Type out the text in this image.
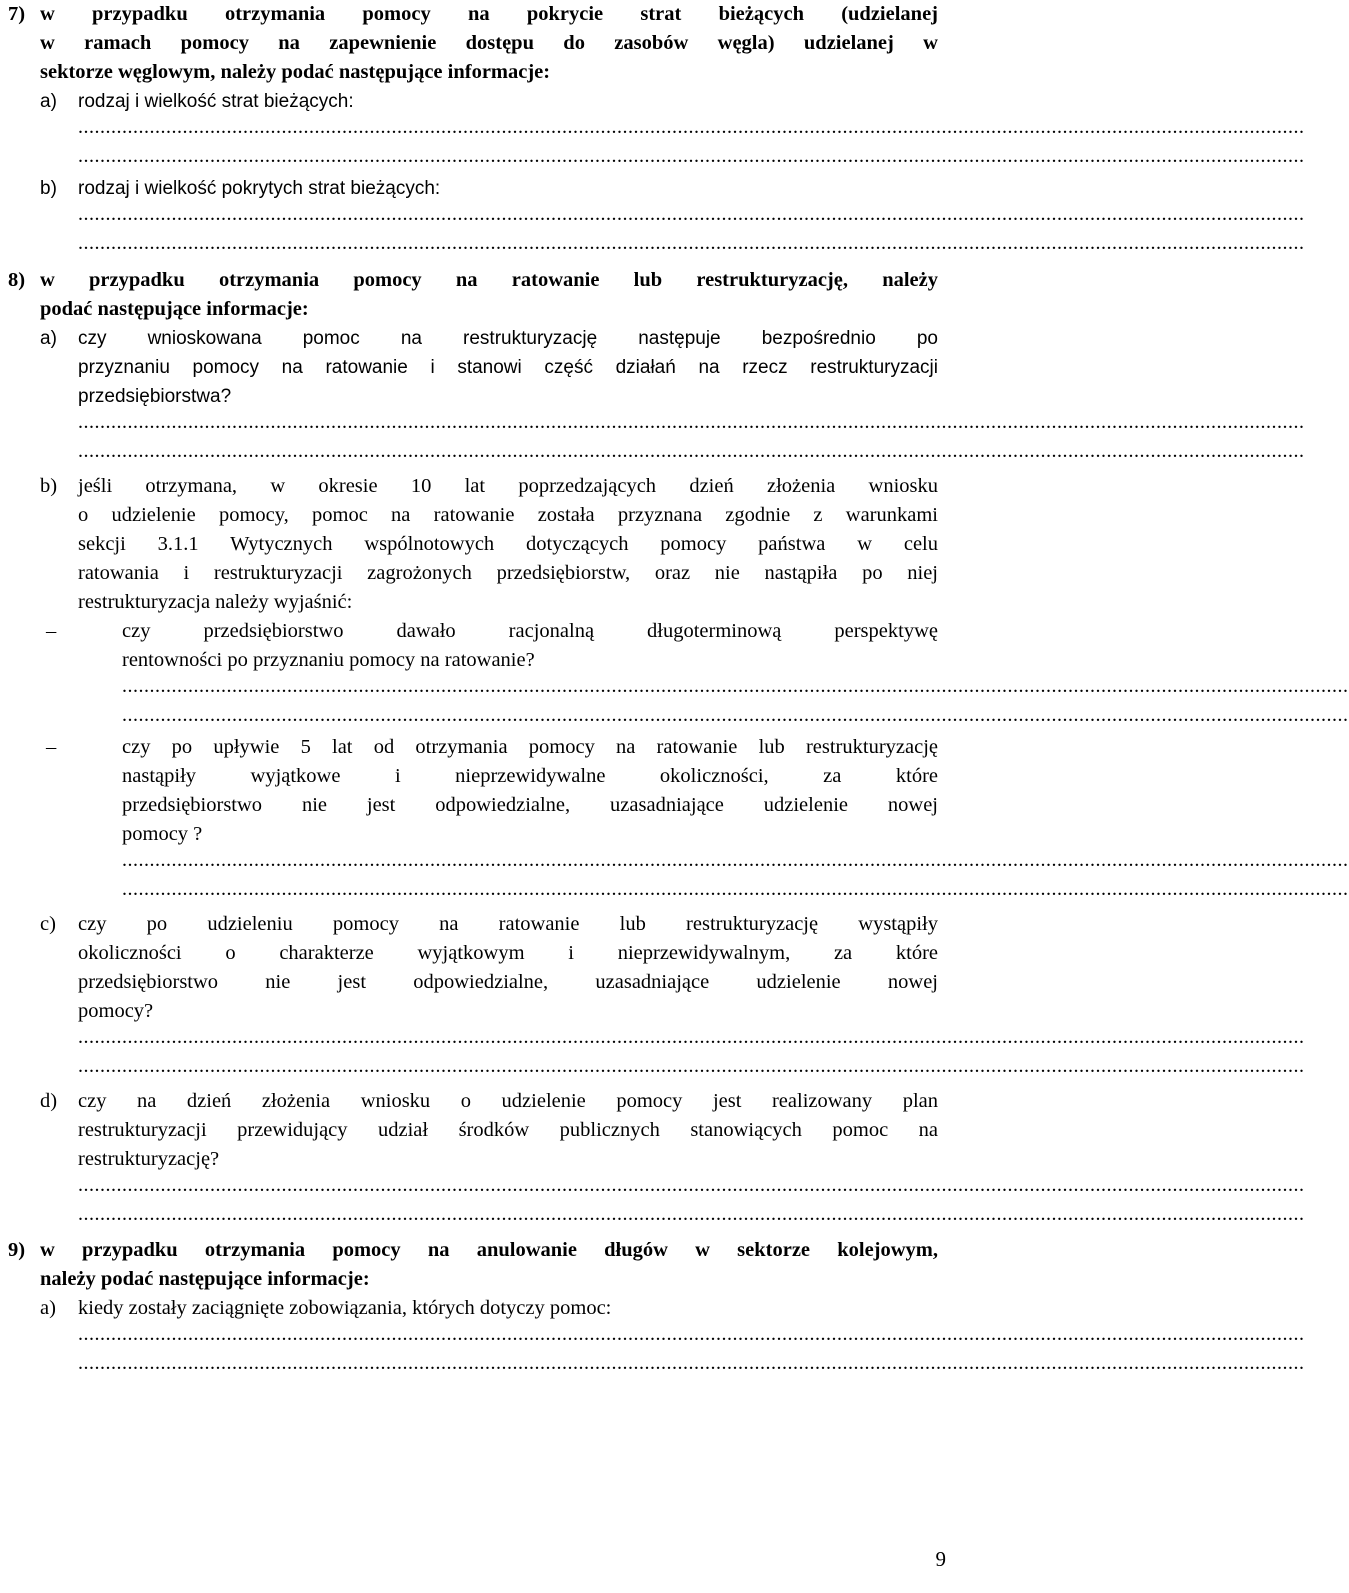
7) w przypadku otrzymania pomocy na pokrycie strat bieżących (udzielanej
w ramach pomocy na zapewnienie dostępu do zasobów węgla) udzielanej w
sektorze węglowym, należy podać następujące informacje:
a) rodzaj i wielkość strat bieżących:
...............................................................................................................................................................................................................................
...............................................................................................................................................................................................................................
b) rodzaj i wielkość pokrytych strat bieżących:
...............................................................................................................................................................................................................................
...............................................................................................................................................................................................................................
8) w przypadku otrzymania pomocy na ratowanie lub restrukturyzację, należy
podać następujące informacje:
a) czy wnioskowana pomoc na restrukturyzację następuje bezpośrednio po
przyznaniu pomocy na ratowanie i stanowi część działań na rzecz restrukturyzacji
przedsiębiorstwa?
...............................................................................................................................................................................................................................
...............................................................................................................................................................................................................................
b) jeśli otrzymana, w okresie 10 lat poprzedzających dzień złożenia wniosku
o udzielenie pomocy, pomoc na ratowanie została przyznana zgodnie z warunkami
sekcji 3.1.1 Wytycznych wspólnotowych dotyczących pomocy państwa w celu
ratowania i restrukturyzacji zagrożonych przedsiębiorstw, oraz nie nastąpiła po niej
restrukturyzacja należy wyjaśnić:
–	czy przedsiębiorstwo dawało racjonalną długoterminową perspektywę
rentowności po przyznaniu pomocy na ratowanie?
...............................................................................................................................................................................................................................
...............................................................................................................................................................................................................................
–	czy po upływie 5 lat od otrzymania pomocy na ratowanie lub restrukturyzację
nastąpiły wyjątkowe i nieprzewidywalne okoliczności, za które
przedsiębiorstwo nie jest odpowiedzialne, uzasadniające udzielenie nowej
pomocy ?
...............................................................................................................................................................................................................................
...............................................................................................................................................................................................................................
c) czy po udzieleniu pomocy na ratowanie lub restrukturyzację wystąpiły
okoliczności o charakterze wyjątkowym i nieprzewidywalnym, za które
przedsiębiorstwo nie jest odpowiedzialne, uzasadniające udzielenie nowej
pomocy?
...............................................................................................................................................................................................................................
...............................................................................................................................................................................................................................
d) czy na dzień złożenia wniosku o udzielenie pomocy jest realizowany plan
restrukturyzacji przewidujący udział środków publicznych stanowiących pomoc na
restrukturyzację?
...............................................................................................................................................................................................................................
...............................................................................................................................................................................................................................
9) w przypadku otrzymania pomocy na anulowanie długów w sektorze kolejowym,
należy podać następujące informacje:
a) kiedy zostały zaciągnięte zobowiązania, których dotyczy pomoc:
...............................................................................................................................................................................................................................
...............................................................................................................................................................................................................................
9
